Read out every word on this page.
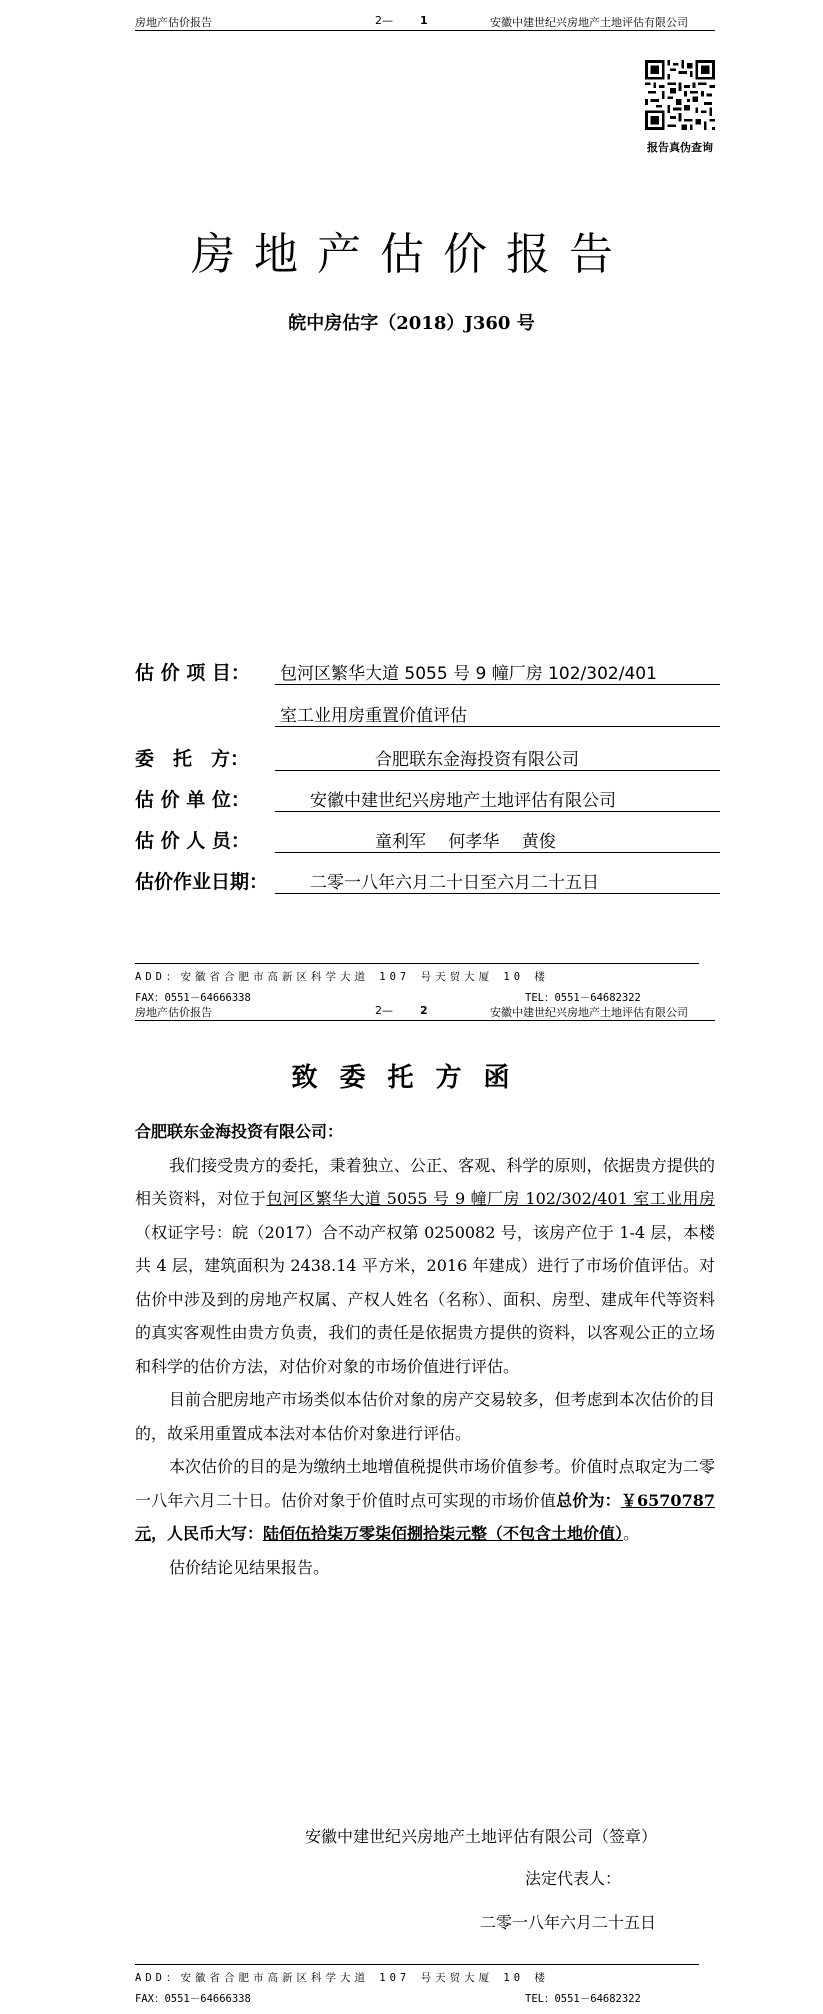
房地产估价报告	2— 1	安徽中建世纪兴房地产土地评估有限公司
报告真伪查询
房地产估价报告
皖中房估字（2018）J360 号
估 价 项 目： 包河区繁华大道 5055 号 9 幢厂房 102/302/401
室工业用房重置价值评估
委　托　方：	合肥联东金海投资有限公司
估 价 单 位：	安徽中建世纪兴房地产土地评估有限公司
估 价 人 员：	童利军　 何孝华　 黄俊
估价作业日期： 二零一八年六月二十日至六月二十五日
ADD：安徽省合肥市高新区科学大道 107 号天贸大厦 10 楼
FAX：0551－64666338	TEL：0551－64682322
房地产估价报告	2— 2	安徽中建世纪兴房地产土地评估有限公司
致委托方函

合肥联东金海投资有限公司：

我们接受贵方的委托，秉着独立、公正、客观、科学的原则，依据贵方提供的相关资料，对位于包河区繁华大道 5055 号 9 幢厂房 102/302/401 室工业用房（权证字号：皖（2017）合不动产权第 0250082 号，该房产位于 1-4 层，本楼共 4 层，建筑面积为 2438.14 平方米，2016 年建成）进行了市场价值评估。对估价中涉及到的房地产权属、产权人姓名（名称）、面积、房型、建成年代等资料的真实客观性由贵方负责，我们的责任是依据贵方提供的资料，以客观公正的立场和科学的估价方法，对估价对象的市场价值进行评估。

目前合肥房地产市场类似本估价对象的房产交易较多，但考虑到本次估价的目的，故采用重置成本法对本估价对象进行评估。

本次估价的目的是为缴纳土地增值税提供市场价值参考。价值时点取定为二零一八年六月二十日。估价对象于价值时点可实现的市场价值总价为：￥6570787 元，人民币大写：陆佰伍拾柒万零柒佰捌拾柒元整（不包含土地价值）。

估价结论见结果报告。

安徽中建世纪兴房地产土地评估有限公司（签章）
法定代表人：
二零一八年六月二十五日
ADD：安徽省合肥市高新区科学大道 107 号天贸大厦 10 楼
FAX：0551－64666338	TEL：0551－64682322
